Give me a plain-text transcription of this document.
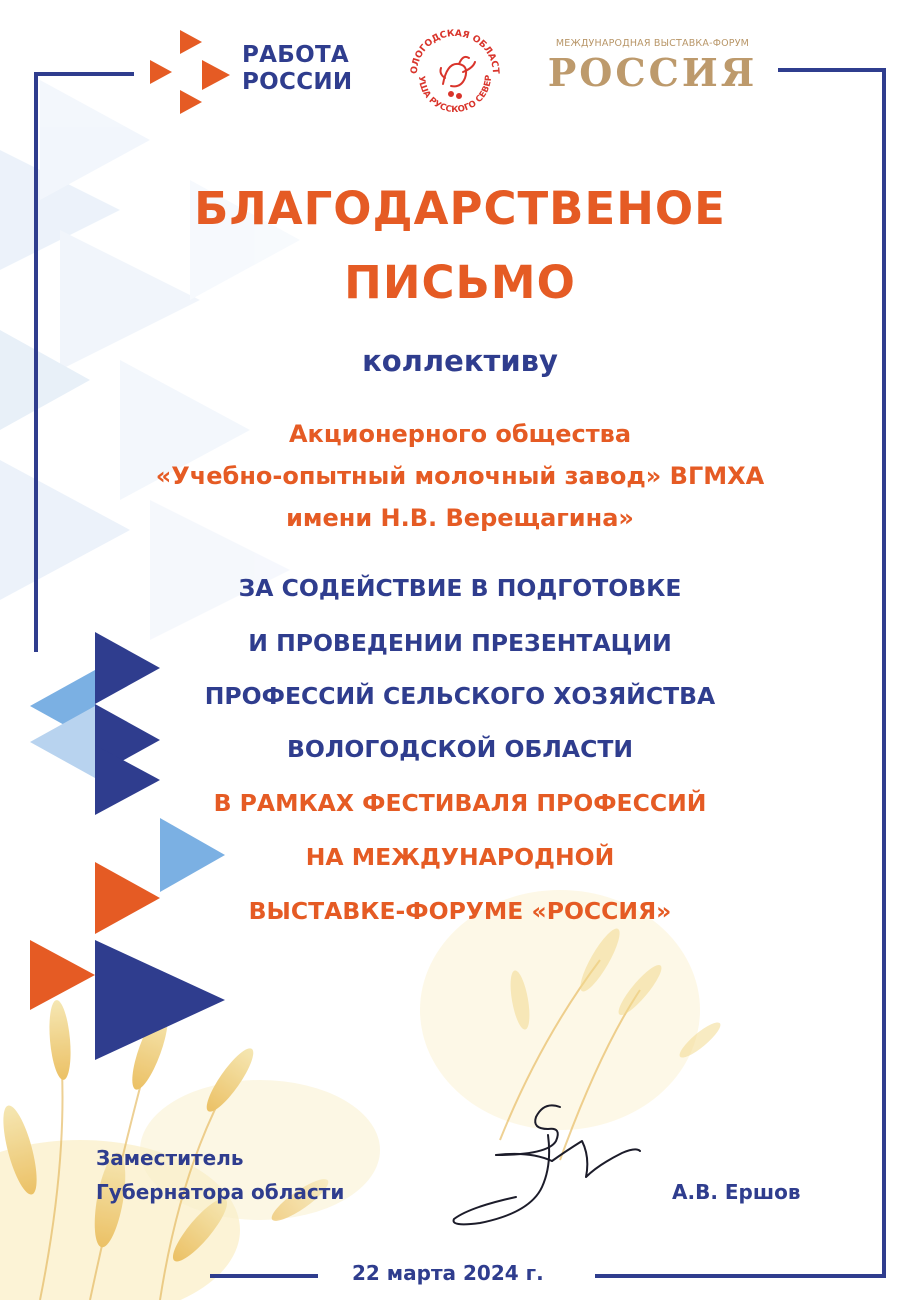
РАБОТА
РОССИИ	ОЛОГОДСКАЯ ОБЛАСТ
УША РУССКОГО СЕВЕР
МЕЖДУНАРОДНАЯ ВЫСТАВКА-ФОРУМ
РОССИЯ
БЛАГОДАРСТВЕНОЕ
ПИСЬМО
коллективу
Акционерного общества
«Учебно-опытный молочный завод» ВГМХА
имени Н.В. Верещагина»
ЗА СОДЕЙСТВИЕ В ПОДГОТОВКЕ
И ПРОВЕДЕНИИ ПРЕЗЕНТАЦИИ
ПРОФЕССИЙ СЕЛЬСКОГО ХОЗЯЙСТВА
ВОЛОГОДСКОЙ ОБЛАСТИ
В РАМКАХ ФЕСТИВАЛЯ ПРОФЕССИЙ
НА МЕЖДУНАРОДНОЙ
ВЫСТАВКЕ-ФОРУМЕ «РОССИЯ»
Заместитель
Губернатора области	А.В. Ершов
22 марта 2024 г.
